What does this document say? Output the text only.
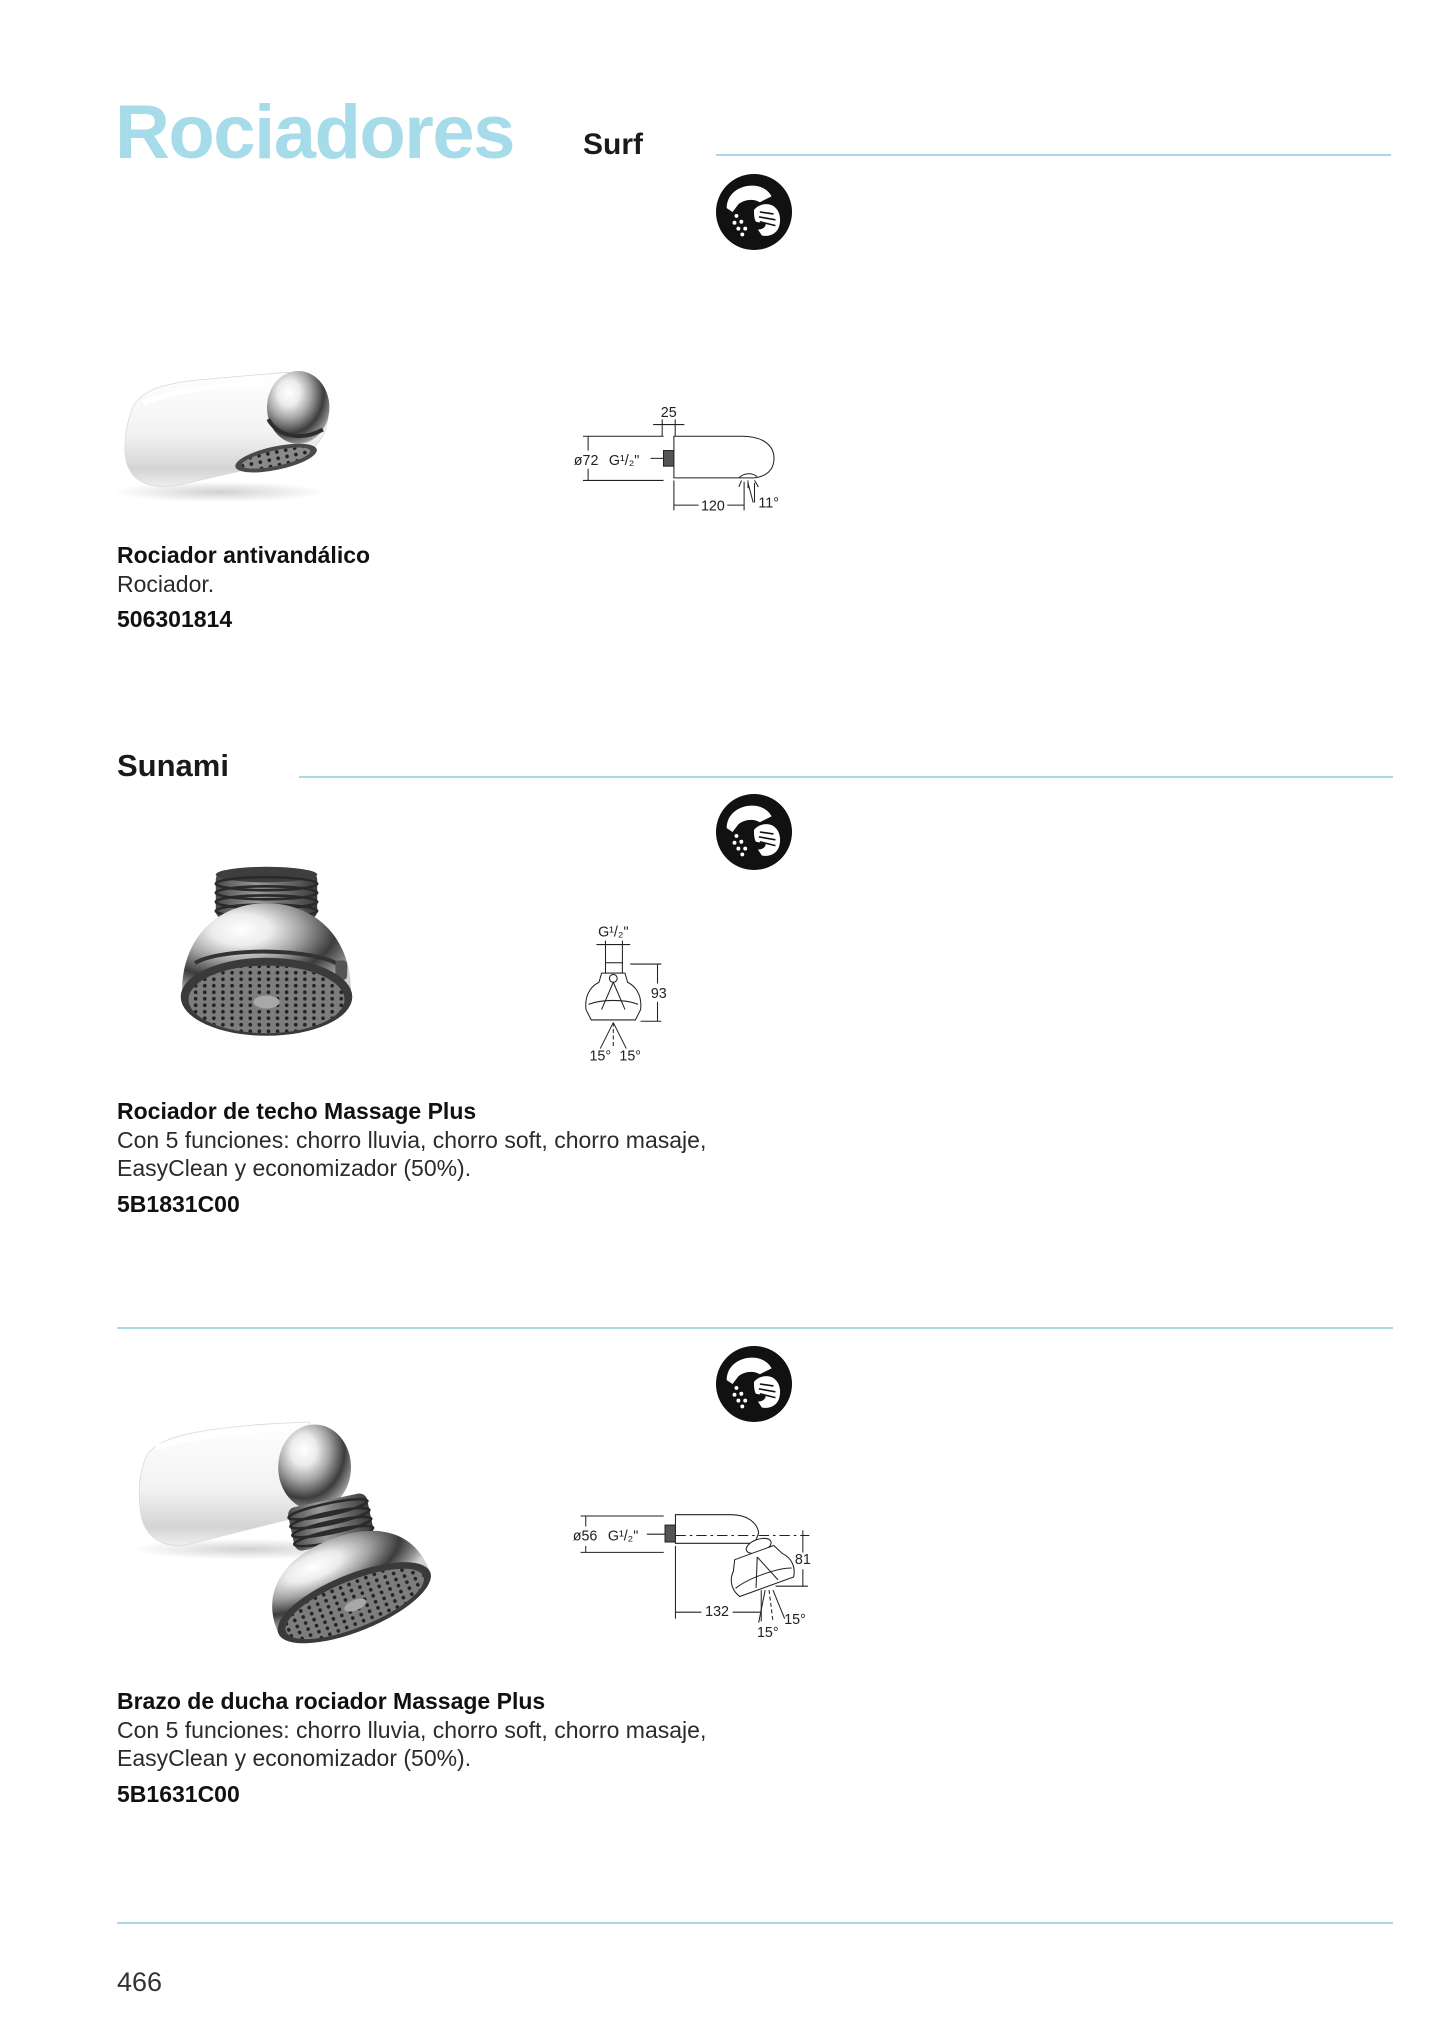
Rociadores Surf
25
ø72 G¹/₂"
120	11°
Rociador antivandálico
Rociador.
506301814
Sunami
G¹/₂"
93
15° 15°
Rociador de techo Massage Plus
Con 5 funciones: chorro lluvia, chorro soft, chorro masaje,
EasyClean y economizador (50%).
5B1831C00
ø56 G¹/₂"
81
132
15°
15°
Brazo de ducha rociador Massage Plus
Con 5 funciones: chorro lluvia, chorro soft, chorro masaje,
EasyClean y economizador (50%).
5B1631C00
466
